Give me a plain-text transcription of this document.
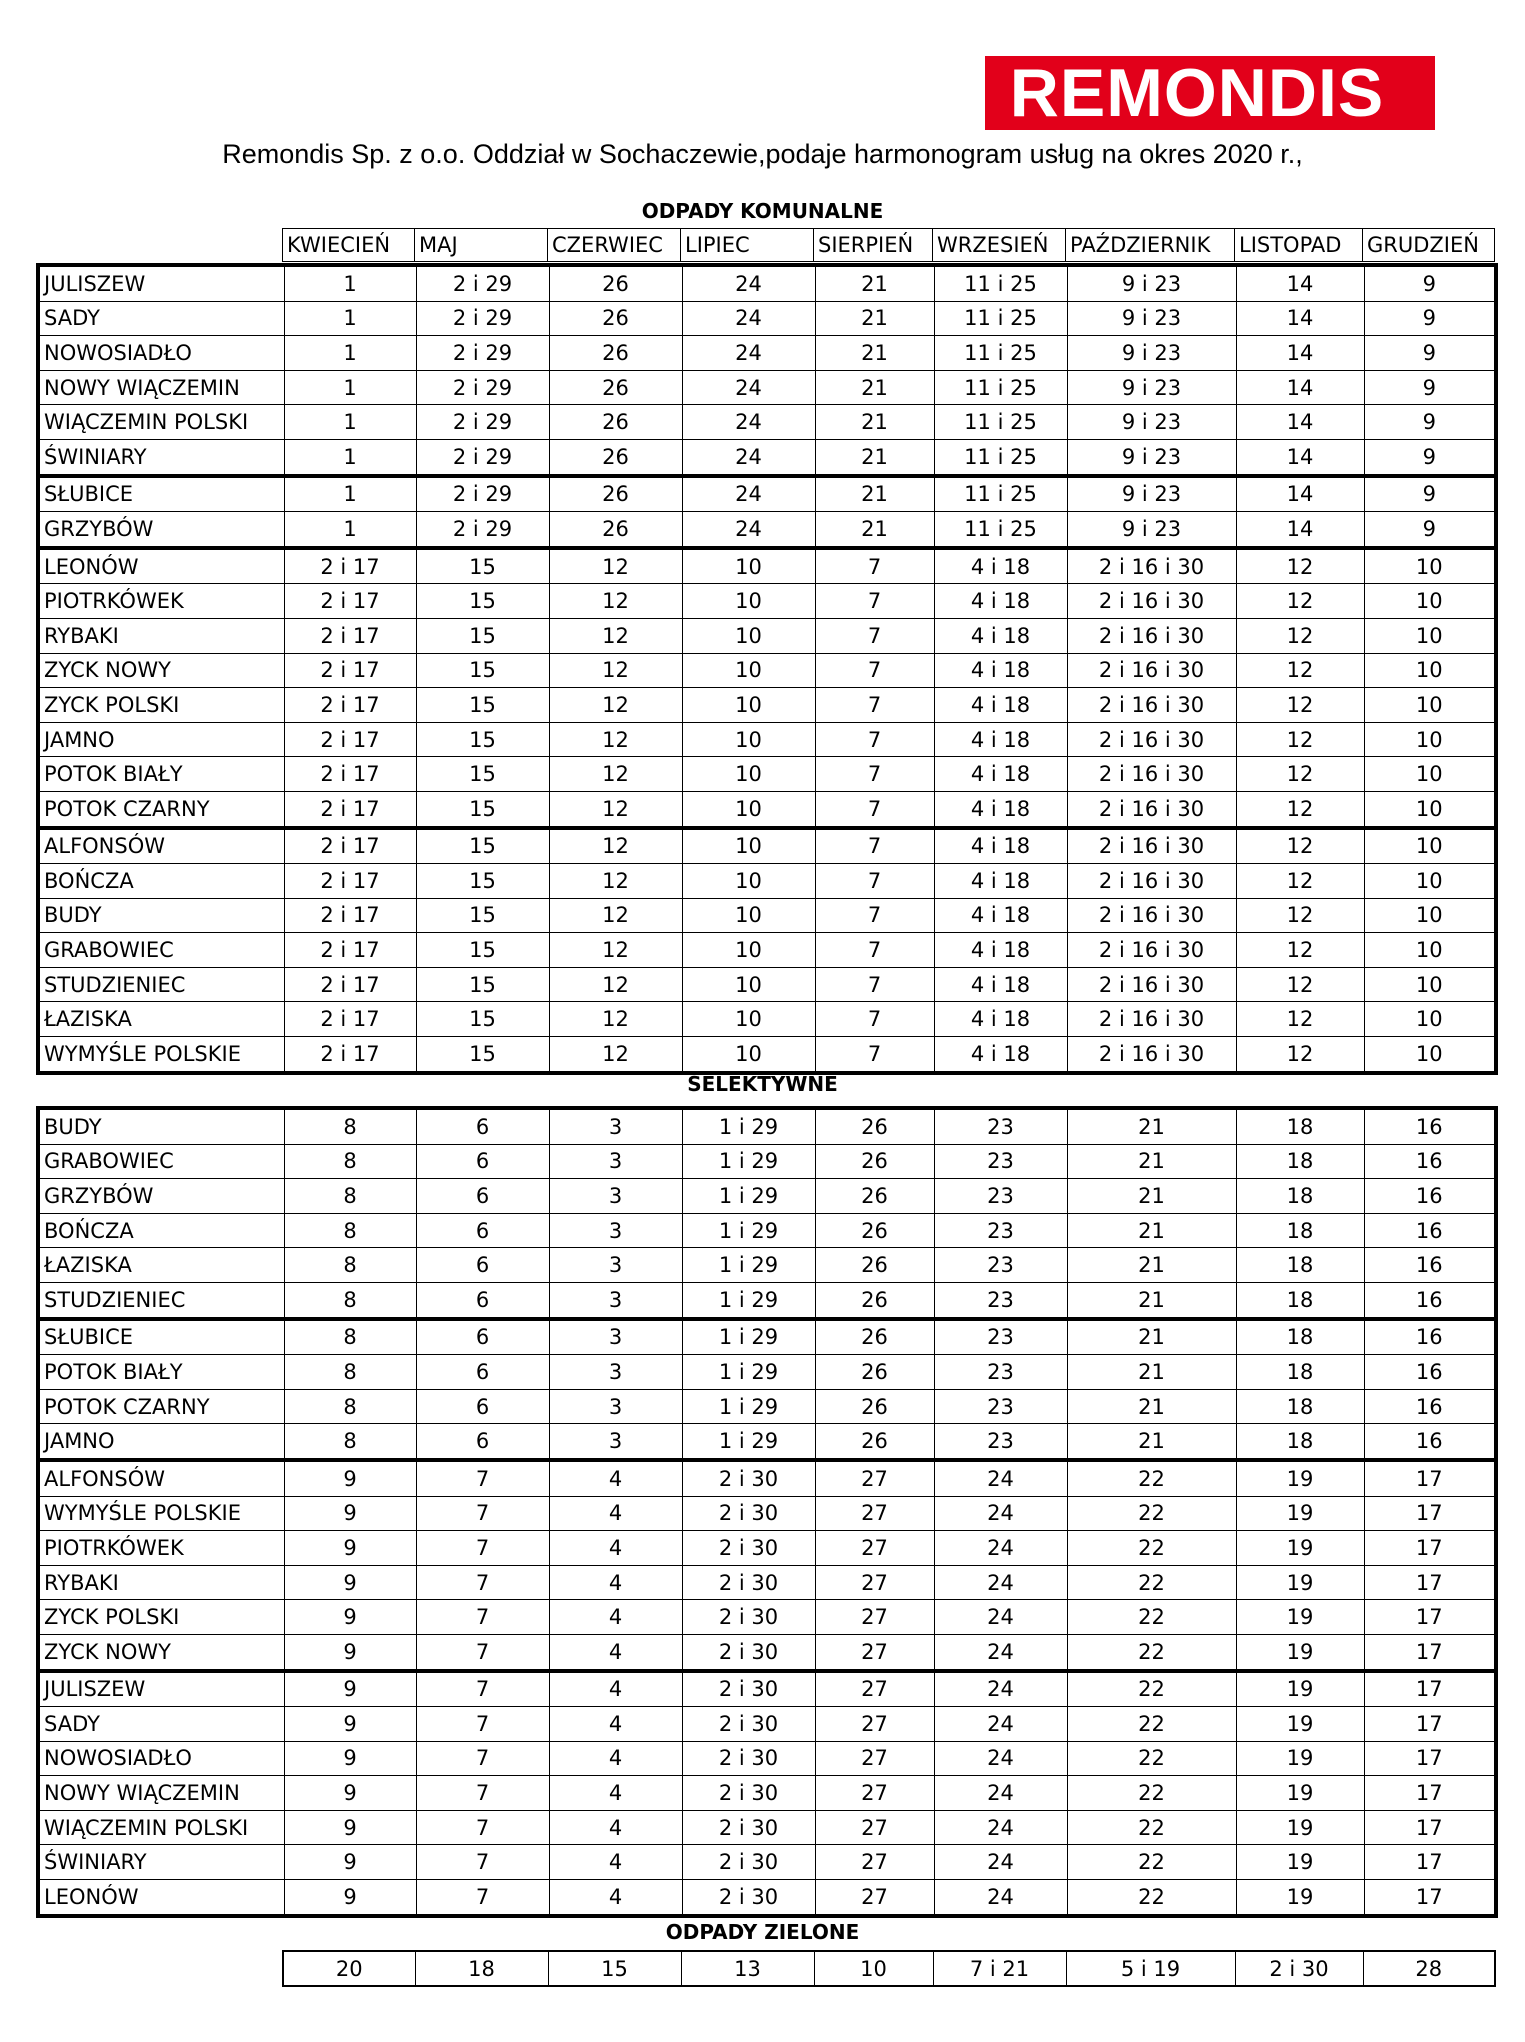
REMONDIS®
Remondis Sp. z o.o. Oddział w Sochaczewie,podaje harmonogram usług na okres 2020 r.,
ODPADY KOMUNALNE
KWIECIEŃ	MAJ	CZERWIEC	LIPIEC	SIERPIEŃ	WRZESIEŃ	PAŹDZIERNIK	LISTOPAD	GRUDZIEŃ
JULISZEW	1	2 i 29	26	24	21	11 i 25	9 i 23	14	9
SADY	1	2 i 29	26	24	21	11 i 25	9 i 23	14	9
NOWOSIADŁO	1	2 i 29	26	24	21	11 i 25	9 i 23	14	9
NOWY WIĄCZEMIN	1	2 i 29	26	24	21	11 i 25	9 i 23	14	9
WIĄCZEMIN POLSKI	1	2 i 29	26	24	21	11 i 25	9 i 23	14	9
ŚWINIARY	1	2 i 29	26	24	21	11 i 25	9 i 23	14	9
SŁUBICE	1	2 i 29	26	24	21	11 i 25	9 i 23	14	9
GRZYBÓW	1	2 i 29	26	24	21	11 i 25	9 i 23	14	9
LEONÓW	2 i 17	15	12	10	7	4 i 18	2 i 16 i 30	12	10
PIOTRKÓWEK	2 i 17	15	12	10	7	4 i 18	2 i 16 i 30	12	10
RYBAKI	2 i 17	15	12	10	7	4 i 18	2 i 16 i 30	12	10
ZYCK NOWY	2 i 17	15	12	10	7	4 i 18	2 i 16 i 30	12	10
ZYCK POLSKI	2 i 17	15	12	10	7	4 i 18	2 i 16 i 30	12	10
JAMNO	2 i 17	15	12	10	7	4 i 18	2 i 16 i 30	12	10
POTOK BIAŁY	2 i 17	15	12	10	7	4 i 18	2 i 16 i 30	12	10
POTOK CZARNY	2 i 17	15	12	10	7	4 i 18	2 i 16 i 30	12	10
ALFONSÓW	2 i 17	15	12	10	7	4 i 18	2 i 16 i 30	12	10
BOŃCZA	2 i 17	15	12	10	7	4 i 18	2 i 16 i 30	12	10
BUDY	2 i 17	15	12	10	7	4 i 18	2 i 16 i 30	12	10
GRABOWIEC	2 i 17	15	12	10	7	4 i 18	2 i 16 i 30	12	10
STUDZIENIEC	2 i 17	15	12	10	7	4 i 18	2 i 16 i 30	12	10
ŁAZISKA	2 i 17	15	12	10	7	4 i 18	2 i 16 i 30	12	10
WYMYŚLE POLSKIE	2 i 17	15	12	10	7	4 i 18	2 i 16 i 30	12	10
SELEKTYWNE
BUDY	8	6	3	1 i 29	26	23	21	18	16
GRABOWIEC	8	6	3	1 i 29	26	23	21	18	16
GRZYBÓW	8	6	3	1 i 29	26	23	21	18	16
BOŃCZA	8	6	3	1 i 29	26	23	21	18	16
ŁAZISKA	8	6	3	1 i 29	26	23	21	18	16
STUDZIENIEC	8	6	3	1 i 29	26	23	21	18	16
SŁUBICE	8	6	3	1 i 29	26	23	21	18	16
POTOK BIAŁY	8	6	3	1 i 29	26	23	21	18	16
POTOK CZARNY	8	6	3	1 i 29	26	23	21	18	16
JAMNO	8	6	3	1 i 29	26	23	21	18	16
ALFONSÓW	9	7	4	2 i 30	27	24	22	19	17
WYMYŚLE POLSKIE	9	7	4	2 i 30	27	24	22	19	17
PIOTRKÓWEK	9	7	4	2 i 30	27	24	22	19	17
RYBAKI	9	7	4	2 i 30	27	24	22	19	17
ZYCK POLSKI	9	7	4	2 i 30	27	24	22	19	17
ZYCK NOWY	9	7	4	2 i 30	27	24	22	19	17
JULISZEW	9	7	4	2 i 30	27	24	22	19	17
SADY	9	7	4	2 i 30	27	24	22	19	17
NOWOSIADŁO	9	7	4	2 i 30	27	24	22	19	17
NOWY WIĄCZEMIN	9	7	4	2 i 30	27	24	22	19	17
WIĄCZEMIN POLSKI	9	7	4	2 i 30	27	24	22	19	17
ŚWINIARY	9	7	4	2 i 30	27	24	22	19	17
LEONÓW	9	7	4	2 i 30	27	24	22	19	17
ODPADY ZIELONE
20	18	15	13	10	7 i 21	5 i 19	2 i 30	28
